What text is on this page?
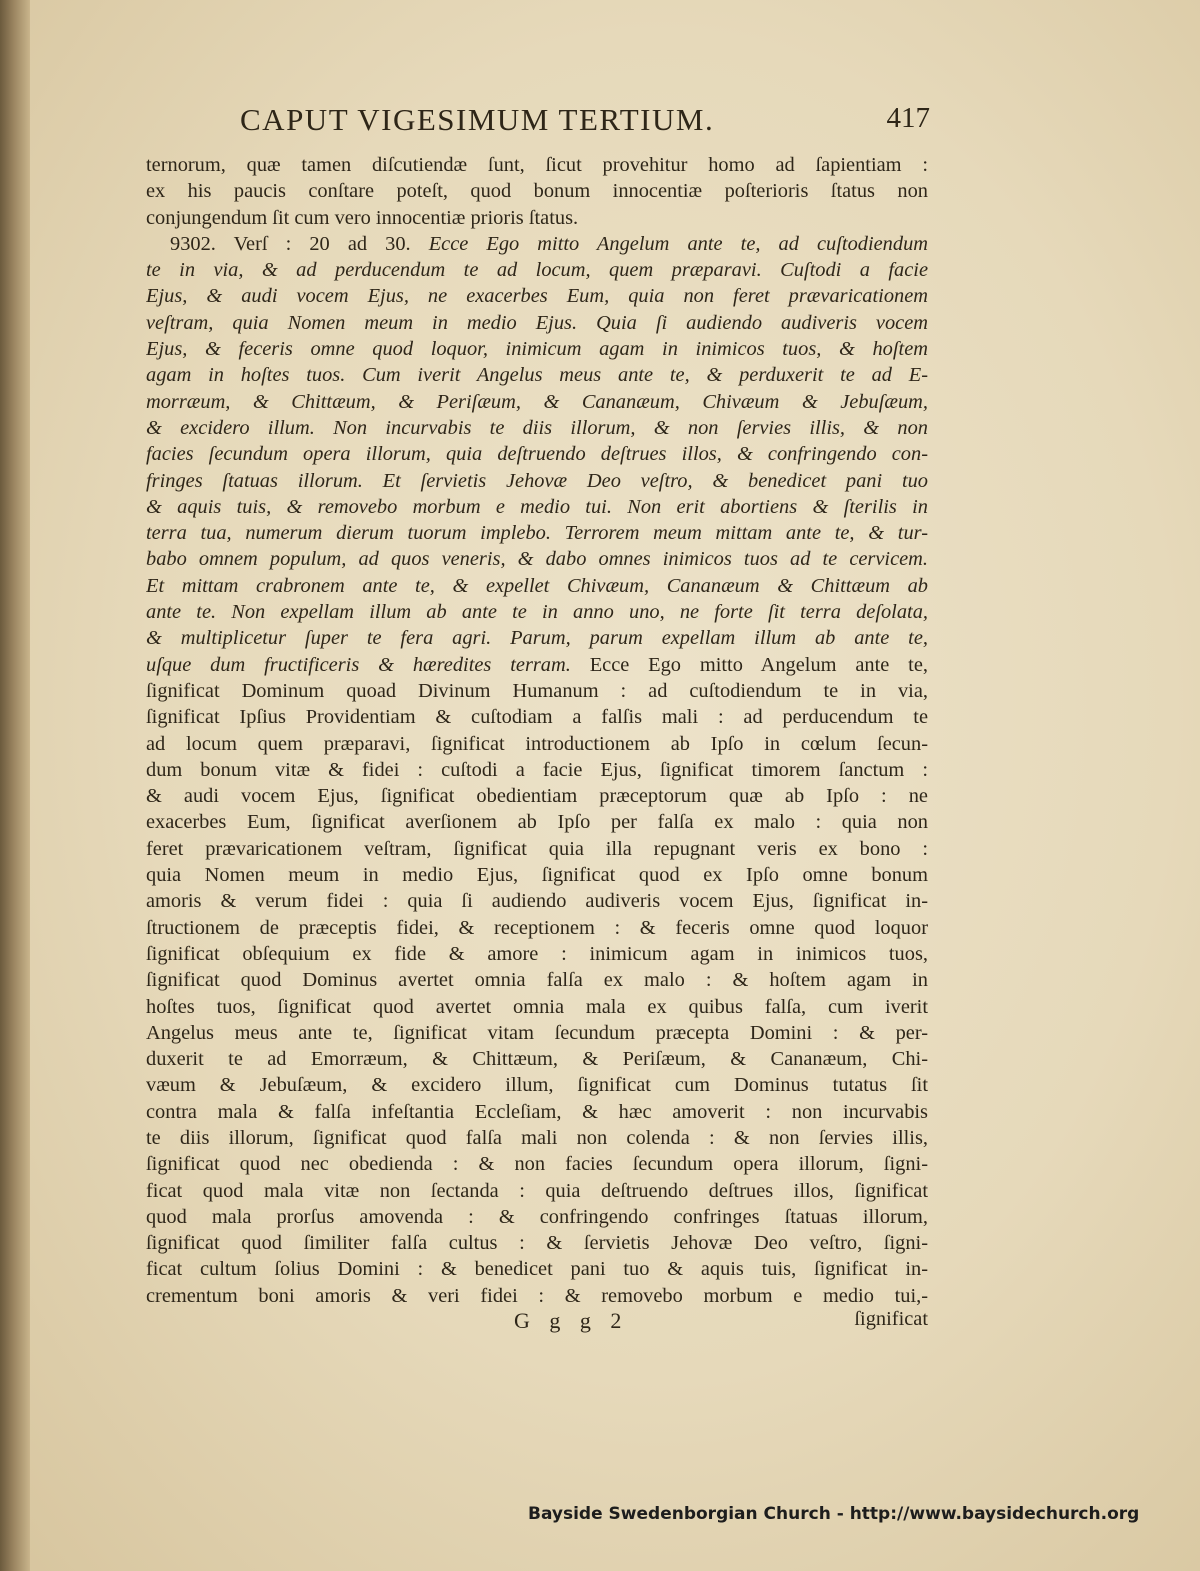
CAPUT VIGESIMUM TERTIUM.	417
ternorum, quæ tamen diſcutiendæ ſunt, ſicut provehitur homo ad ſapientiam :
ex his paucis conſtare poteſt, quod bonum innocentiæ poſterioris ſtatus non
conjungendum ſit cum vero innocentiæ prioris ſtatus.
9302. Verſ : 20 ad 30. Ecce Ego mitto Angelum ante te, ad cuſtodiendum
te in via, & ad perducendum te ad locum, quem præparavi. Cuſtodi a facie
Ejus, & audi vocem Ejus, ne exacerbes Eum, quia non feret prævaricationem
veſtram, quia Nomen meum in medio Ejus. Quia ſi audiendo audiveris vocem
Ejus, & feceris omne quod loquor, inimicum agam in inimicos tuos, & hoſtem
agam in hoſtes tuos. Cum iverit Angelus meus ante te, & perduxerit te ad E-
morræum, & Chittæum, & Periſæum, & Cananæum, Chivæum & Jebuſæum,
& excidero illum. Non incurvabis te diis illorum, & non ſervies illis, & non
facies ſecundum opera illorum, quia deſtruendo deſtrues illos, & confringendo con-
fringes ſtatuas illorum. Et ſervietis Jehovæ Deo veſtro, & benedicet pani tuo
& aquis tuis, & removebo morbum e medio tui. Non erit abortiens & ſterilis in
terra tua, numerum dierum tuorum implebo. Terrorem meum mittam ante te, & tur-
babo omnem populum, ad quos veneris, & dabo omnes inimicos tuos ad te cervicem.
Et mittam crabronem ante te, & expellet Chivæum, Cananæum & Chittæum ab
ante te. Non expellam illum ab ante te in anno uno, ne forte ſit terra deſolata,
& multiplicetur ſuper te fera agri. Parum, parum expellam illum ab ante te,
uſque dum fructificeris & hæredites terram. Ecce Ego mitto Angelum ante te,
ſignificat Dominum quoad Divinum Humanum : ad cuſtodiendum te in via,
ſignificat Ipſius Providentiam & cuſtodiam a falſis mali : ad perducendum te
ad locum quem præparavi, ſignificat introductionem ab Ipſo in cœlum ſecun-
dum bonum vitæ & fidei : cuſtodi a facie Ejus, ſignificat timorem ſanctum :
& audi vocem Ejus, ſignificat obedientiam præceptorum quæ ab Ipſo : ne
exacerbes Eum, ſignificat averſionem ab Ipſo per falſa ex malo : quia non
feret prævaricationem veſtram, ſignificat quia illa repugnant veris ex bono :
quia Nomen meum in medio Ejus, ſignificat quod ex Ipſo omne bonum
amoris & verum fidei : quia ſi audiendo audiveris vocem Ejus, ſignificat in-
ſtructionem de præceptis fidei, & receptionem : & feceris omne quod loquor
ſignificat obſequium ex fide & amore : inimicum agam in inimicos tuos,
ſignificat quod Dominus avertet omnia falſa ex malo : & hoſtem agam in
hoſtes tuos, ſignificat quod avertet omnia mala ex quibus falſa, cum iverit
Angelus meus ante te, ſignificat vitam ſecundum præcepta Domini : & per-
duxerit te ad Emorræum, & Chittæum, & Periſæum, & Cananæum, Chi-
væum & Jebuſæum, & excidero illum, ſignificat cum Dominus tutatus ſit
contra mala & falſa infeſtantia Eccleſiam, & hæc amoverit : non incurvabis
te diis illorum, ſignificat quod falſa mali non colenda : & non ſervies illis,
ſignificat quod nec obedienda : & non facies ſecundum opera illorum, ſigni-
ficat quod mala vitæ non ſectanda : quia deſtruendo deſtrues illos, ſignificat
quod mala prorſus amovenda : & confringendo confringes ſtatuas illorum,
ſignificat quod ſimiliter falſa cultus : & ſervietis Jehovæ Deo veſtro, ſigni-
ficat cultum ſolius Domini : & benedicet pani tuo & aquis tuis, ſignificat in-
crementum boni amoris & veri fidei : & removebo morbum e medio tui,-
G g g 2	ſignificat
Bayside Swedenborgian Church - http://www.baysidechurch.org
